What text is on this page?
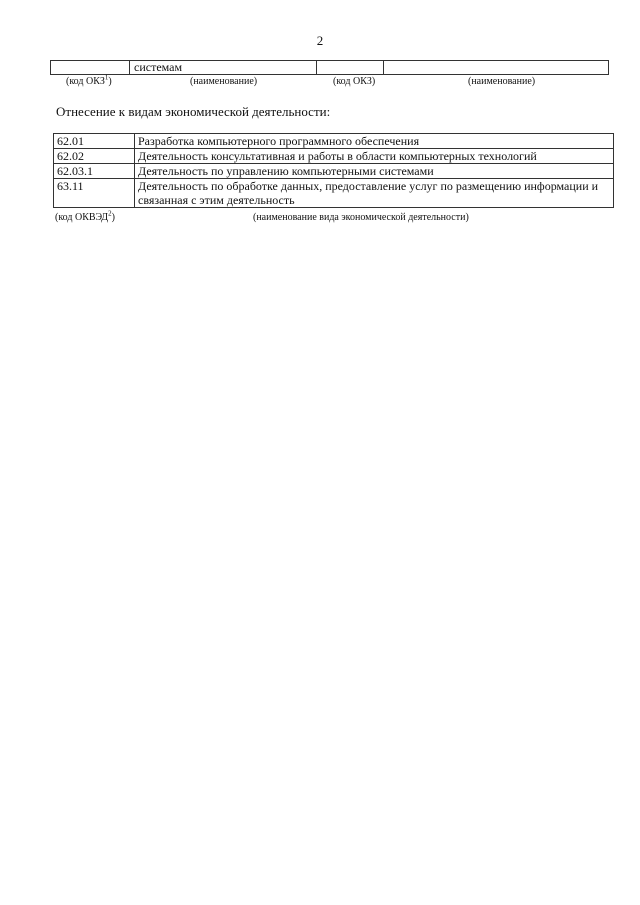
2
	системам		
(код ОКЗ$^1$)	(наименование)	(код ОКЗ)	(наименование)
Отнесение к видам экономической деятельности:
62.01	Разработка компьютерного программного обеспечения
62.02	Деятельность консультативная и работы в области компьютерных технологий
62.03.1	Деятельность по управлению компьютерными системами
63.11	Деятельность по обработке данных, предоставление услуг по размещению информации и связанная с этим деятельность
(код ОКВЭД$^2$)	(наименование вида экономической деятельности)
